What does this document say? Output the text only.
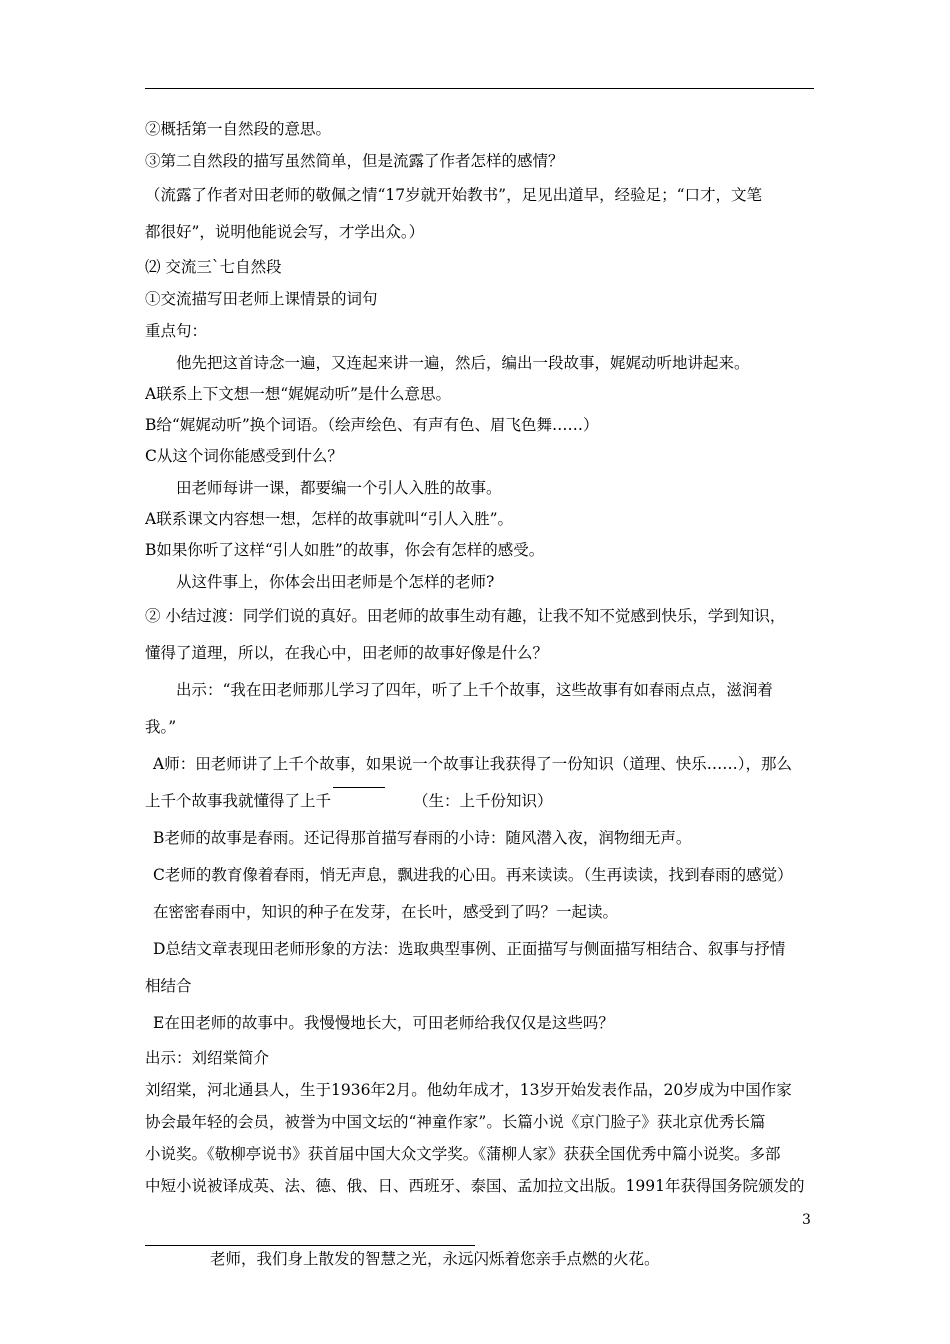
②概括第一自然段的意思。
③第二自然段的描写虽然简单，但是流露了作者怎样的感情？
（流露了作者对田老师的敬佩之情“17岁就开始教书”，足见出道早，经验足；“口才，文笔
都很好”，说明他能说会写，才学出众。）
⑵ 交流三`七自然段
①交流描写田老师上课情景的词句
重点句：
他先把这首诗念一遍，又连起来讲一遍，然后，编出一段故事，娓娓动听地讲起来。
A联系上下文想一想“娓娓动听”是什么意思。
B给“娓娓动听”换个词语。（绘声绘色、有声有色、眉飞色舞……）
C从这个词你能感受到什么？
田老师每讲一课，都要编一个引人入胜的故事。
A联系课文内容想一想，怎样的故事就叫“引人入胜”。
B如果你听了这样“引人如胜”的故事，你会有怎样的感受。
从这件事上，你体会出田老师是个怎样的老师?
② 小结过渡：同学们说的真好。田老师的故事生动有趣，让我不知不觉感到快乐，学到知识，
懂得了道理，所以，在我心中，田老师的故事好像是什么？
出示：“我在田老师那儿学习了四年，听了上千个故事，这些故事有如春雨点点，滋润着
我。”
A师：田老师讲了上千个故事，如果说一个故事让我获得了一份知识（道理、快乐……），那么
上千个故事我就懂得了上千	（生：上千份知识）
B老师的故事是春雨。还记得那首描写春雨的小诗：随风潜入夜，润物细无声。
C老师的教育像着春雨，悄无声息，飘进我的心田。再来读读。（生再读读，找到春雨的感觉）
在密密春雨中，知识的种子在发芽，在长叶，感受到了吗？一起读。
D总结文章表现田老师形象的方法：选取典型事例、正面描写与侧面描写相结合、叙事与抒情
相结合
E在田老师的故事中。我慢慢地长大，可田老师给我仅仅是这些吗？
出示：刘绍棠简介
刘绍棠，河北通县人，生于1936年2月。他幼年成才，13岁开始发表作品，20岁成为中国作家
协会最年轻的会员，被誉为中国文坛的“神童作家”。长篇小说《京门脸子》获北京优秀长篇
小说奖。《敬柳亭说书》获首届中国大众文学奖。《蒲柳人家》获获全国优秀中篇小说奖。多部
中短小说被译成英、法、德、俄、日、西班牙、泰国、孟加拉文出版。1991年获得国务院颁发的
3
老师，我们身上散发的智慧之光，永远闪烁着您亲手点燃的火花。
